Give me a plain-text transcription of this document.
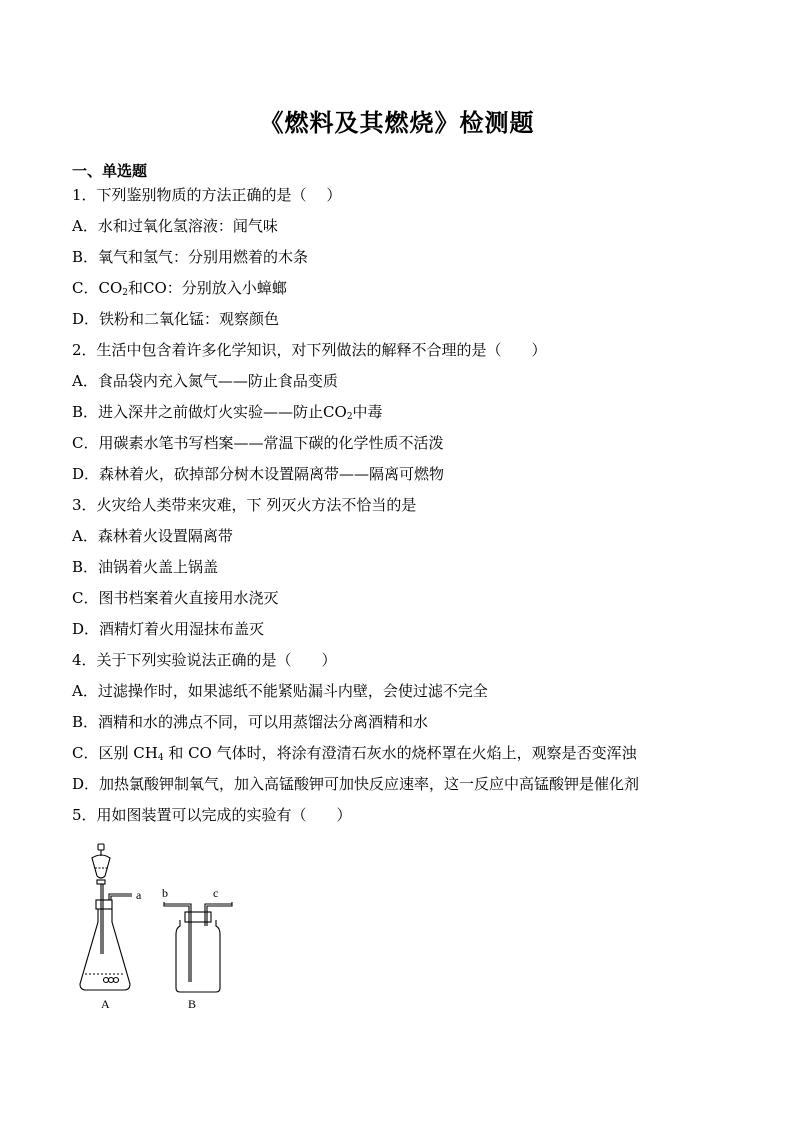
《燃料及其燃烧》检测题
一、单选题
1．下列鉴别物质的方法正确的是（　 ）
A．水和过氧化氢溶液：闻气味
B．氧气和氢气：分别用燃着的木条
C．$CO_2$和CO：分别放入小蟑螂
D．铁粉和二氧化锰：观察颜色
2．生活中包含着许多化学知识，对下列做法的解释不合理的是（　　）
A．食品袋内充入氮气——防止食品变质
B．进入深井之前做灯火实验——防止$CO_2$中毒
C．用碳素水笔书写档案——常温下碳的化学性质不活泼
D．森林着火，砍掉部分树木设置隔离带——隔离可燃物
3．火灾给人类带来灾难，下 列灭火方法不恰当的是
A．森林着火设置隔离带
B．油锅着火盖上锅盖
C．图书档案着火直接用水浇灭
D．酒精灯着火用湿抹布盖灭
4．关于下列实验说法正确的是（　　）
A．过滤操作时，如果滤纸不能紧贴漏斗内壁，会使过滤不完全
B．酒精和水的沸点不同，可以用蒸馏法分离酒精和水
C．区别 $CH_4$ 和 CO 气体时，将涂有澄清石灰水的烧杯罩在火焰上，观察是否变浑浊
D．加热氯酸钾制氧气，加入高锰酸钾可加快反应速率，这一反应中高锰酸钾是催化剂
5．用如图装置可以完成的实验有（　　）
a
A
b	c
B
